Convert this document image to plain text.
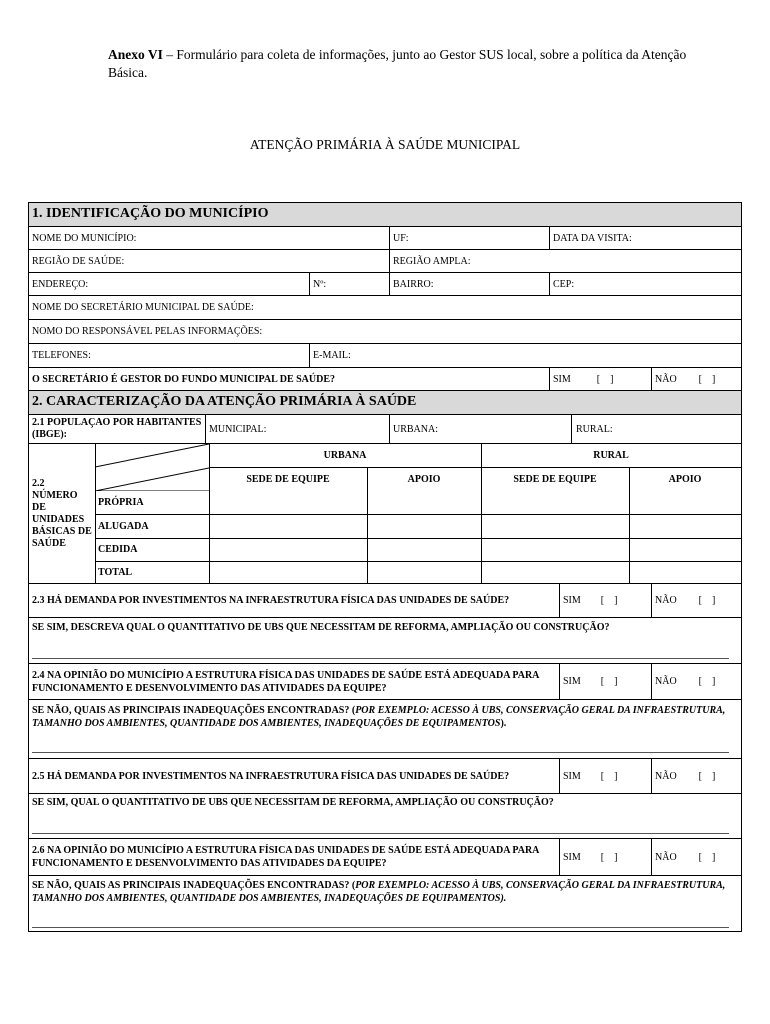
Anexo VI – Formulário para coleta de informações, junto ao Gestor SUS local, sobre a política da Atenção Básica.
ATENÇÃO PRIMÁRIA À SAÚDE MUNICIPAL
1. IDENTIFICAÇÃO DO MUNICÍPIO
NOME DO MUNICÍPIO:	UF:	DATA DA VISITA:
REGIÃO DE SAÚDE:	REGIÃO AMPLA:
ENDEREÇO:	Nº:	BAIRRO:	CEP:
NOME DO SECRETÁRIO MUNICIPAL DE SAÚDE:
NOMO DO RESPONSÁVEL PELAS INFORMAÇÕES:
TELEFONES:	E-MAIL:
O SECRETÁRIO É GESTOR DO FUNDO MUNICIPAL DE SAÚDE?	SIM	[    ]	NÃO [    ]
2. CARACTERIZAÇÃO DA ATENÇÃO PRIMÁRIA À SAÚDE
2.1 POPULAÇAO POR HABITANTES (IBGE):	MUNICIPAL:	URBANA:	RURAL:
2.2 NÚMERO DE UNIDADES BÁSICAS DE SAÚDE
URBANA	RURAL
SEDE DE EQUIPE	APOIO	SEDE DE EQUIPE	APOIO
PRÓPRIA
ALUGADA
CEDIDA
TOTAL
2.3 HÁ DEMANDA POR INVESTIMENTOS NA INFRAESTRUTURA FÍSICA DAS UNIDADES DE SAÚDE?	SIM [    ]	NÃO [    ]
SE SIM, DESCREVA QUAL O QUANTITATIVO DE UBS QUE NECESSITAM DE REFORMA, AMPLIAÇÃO OU CONSTRUÇÃO?
2.4 NA OPINIÃO DO MUNICÍPIO A ESTRUTURA FÍSICA DAS UNIDADES DE SAÚDE ESTÁ ADEQUADA PARA FUNCIONAMENTO E DESENVOLVIMENTO DAS ATIVIDADES DA EQUIPE?
SIM [    ]	NÃO [    ]
SE NÃO, QUAIS AS PRINCIPAIS INADEQUAÇÕES ENCONTRADAS? (POR EXEMPLO: ACESSO À UBS, CONSERVAÇÃO GERAL DA INFRAESTRUTURA, TAMANHO DOS AMBIENTES, QUANTIDADE DOS AMBIENTES, INADEQUAÇÕES DE EQUIPAMENTOS).
2.5 HÁ DEMANDA POR INVESTIMENTOS NA INFRAESTRUTURA FÍSICA DAS UNIDADES DE SAÚDE?	SIM [    ]	NÃO [    ]
SE SIM, QUAL O QUANTITATIVO DE UBS QUE NECESSITAM DE REFORMA, AMPLIAÇÃO OU CONSTRUÇÃO?
2.6 NA OPINIÃO DO MUNICÍPIO A ESTRUTURA FÍSICA DAS UNIDADES DE SAÚDE ESTÁ ADEQUADA PARA FUNCIONAMENTO E DESENVOLVIMENTO DAS ATIVIDADES DA EQUIPE?
SIM [    ]	NÃO [    ]
SE NÃO, QUAIS AS PRINCIPAIS INADEQUAÇÕES ENCONTRADAS? (POR EXEMPLO: ACESSO À UBS, CONSERVAÇÃO GERAL DA INFRAESTRUTURA, TAMANHO DOS AMBIENTES, QUANTIDADE DOS AMBIENTES, INADEQUAÇÕES DE EQUIPAMENTOS).
